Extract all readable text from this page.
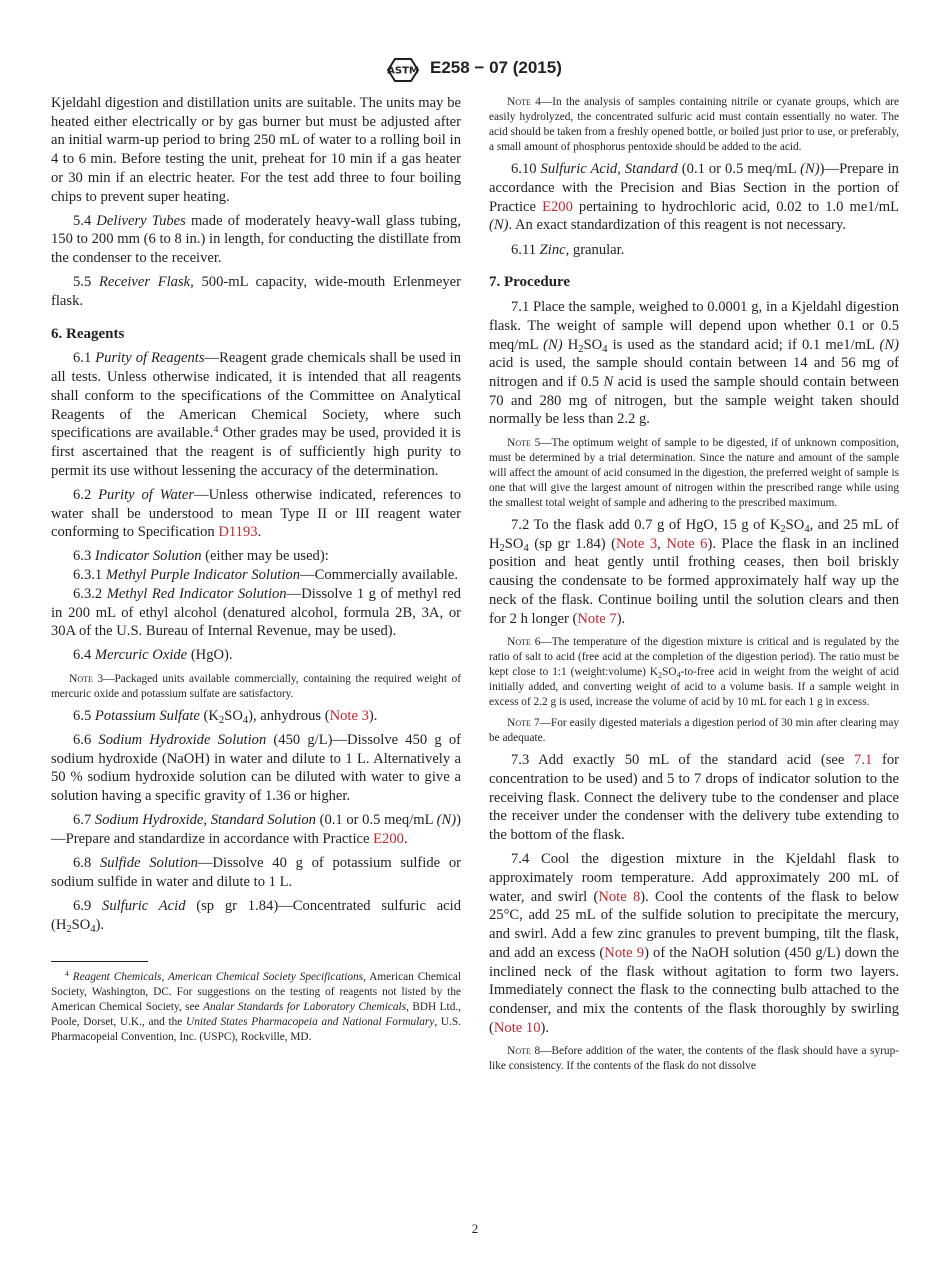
ASTM E258 − 07 (2015)

Kjeldahl digestion and distillation units are suitable. The units may be heated either electrically or by gas burner but must be adjusted after an initial warm-up period to bring 250 mL of water to a rolling boil in 4 to 6 min. Before testing the unit, preheat for 10 min if a gas heater or 30 min if an electric heater. For the test add three to four boiling chips to prevent super heating.

5.4 Delivery Tubes made of moderately heavy-wall glass tubing, 150 to 200 mm (6 to 8 in.) in length, for conducting the distillate from the condenser to the receiver.

5.5 Receiver Flask, 500-mL capacity, wide-mouth Erlenmeyer flask.

6. Reagents

6.1 Purity of Reagents—Reagent grade chemicals shall be used in all tests. Unless otherwise indicated, it is intended that all reagents shall conform to the specifications of the Committee on Analytical Reagents of the American Chemical Society, where such specifications are available.$^4$ Other grades may be used, provided it is first ascertained that the reagent is of sufficiently high purity to permit its use without lessening the accuracy of the determination.

6.2 Purity of Water—Unless otherwise indicated, references to water shall be understood to mean Type II or III reagent water conforming to Specification D1193.

6.3 Indicator Solution (either may be used):

6.3.1 Methyl Purple Indicator Solution—Commercially available.

6.3.2 Methyl Red Indicator Solution—Dissolve 1 g of methyl red in 200 mL of ethyl alcohol (denatured alcohol, formula 2B, 3A, or 30A of the U.S. Bureau of Internal Revenue, may be used).

6.4 Mercuric Oxide (HgO).

Note 3—Packaged units available commercially, containing the required weight of mercuric oxide and potassium sulfate are satisfactory.

6.5 Potassium Sulfate $(K_2SO_4)$, anhydrous (Note 3).

6.6 Sodium Hydroxide Solution (450 g/L)—Dissolve 450 g of sodium hydroxide (NaOH) in water and dilute to 1 L. Alternatively a 50 % sodium hydroxide solution can be diluted with water to give a solution having a specific gravity of 1.36 or higher.

6.7 Sodium Hydroxide, Standard Solution (0.1 or 0.5 meq/mL (N))—Prepare and standardize in accordance with Practice E200.

6.8 Sulfide Solution—Dissolve 40 g of potassium sulfide or sodium sulfide in water and dilute to 1 L.

6.9 Sulfuric Acid (sp gr 1.84)—Concentrated sulfuric acid $(H_2SO_4)$.

$^4$ Reagent Chemicals, American Chemical Society Specifications, American Chemical Society, Washington, DC. For suggestions on the testing of reagents not listed by the American Chemical Society, see Analar Standards for Laboratory Chemicals, BDH Ltd., Poole, Dorset, U.K., and the United States Pharmacopeia and National Formulary, U.S. Pharmacopeial Convention, Inc. (USPC), Rockville, MD.

Note 4—In the analysis of samples containing nitrile or cyanate groups, which are easily hydrolyzed, the concentrated sulfuric acid must contain essentially no water. The acid should be taken from a freshly opened bottle, or boiled just prior to use, or preferably, a small amount of phosphorus pentoxide should be added to the acid.

6.10 Sulfuric Acid, Standard (0.1 or 0.5 meq/mL (N))—Prepare in accordance with the Precision and Bias Section in the portion of Practice E200 pertaining to hydrochloric acid, 0.02 to 1.0 me1/mL (N). An exact standardization of this reagent is not necessary.

6.11 Zinc, granular.

7. Procedure

7.1 Place the sample, weighed to 0.0001 g, in a Kjeldahl digestion flask. The weight of sample will depend upon whether 0.1 or 0.5 meq/mL (N) $H_2SO_4$ is used as the standard acid; if 0.1 me1/mL (N) acid is used, the sample should contain between 14 and 56 mg of nitrogen and if 0.5 N acid is used the sample should contain between 70 and 280 mg of nitrogen, but the sample weight taken should normally be less than 2.2 g.

Note 5—The optimum weight of sample to be digested, if of unknown composition, must be determined by a trial determination. Since the nature and amount of the sample will affect the amount of acid consumed in the digestion, the preferred weight of sample is one that will give the largest amount of nitrogen within the prescribed range while using the smallest total weight of sample and adhering to the prescribed maximum.

7.2 To the flask add 0.7 g of HgO, 15 g of $K_2SO_4$, and 25 mL of $H_2SO_4$ (sp gr 1.84) (Note 3, Note 6). Place the flask in an inclined position and heat gently until frothing ceases, then boil briskly causing the condensate to be formed approximately half way up the neck of the flask. Continue boiling until the solution clears and then for 2 h longer (Note 7).

Note 6—The temperature of the digestion mixture is critical and is regulated by the ratio of salt to acid (free acid at the completion of the digestion period). The ratio must be kept close to 1:1 (weight:volume) $K_2SO_4-to$-free acid in weight from the weight of acid initially added, and converting weight of acid to a volume basis. If a sample weight in excess of 2.2 g is used, increase the volume of acid by 10 mL for each 1 g in excess.
Note 7—For easily digested materials a digestion period of 30 min after clearing may be adequate.

7.3 Add exactly 50 mL of the standard acid (see 7.1 for concentration to be used) and 5 to 7 drops of indicator solution to the receiving flask. Connect the delivery tube to the condenser and place the receiver under the condenser with the delivery tube extending to the bottom of the flask.

7.4 Cool the digestion mixture in the Kjeldahl flask to approximately room temperature. Add approximately 200 mL of water, and swirl (Note 8). Cool the contents of the flask to below 25°C, add 25 mL of the sulfide solution to precipitate the mercury, and swirl. Add a few zinc granules to prevent bumping, tilt the flask, and add an excess (Note 9) of the NaOH solution (450 g/L) down the inclined neck of the flask without agitation to form two layers. Immediately connect the flask to the connecting bulb attached to the condenser, and mix the contents of the flask thoroughly by swirling (Note 10).

Note 8—Before addition of the water, the contents of the flask should have a syrup-like consistency. If the contents of the flask do not dissolve
2
